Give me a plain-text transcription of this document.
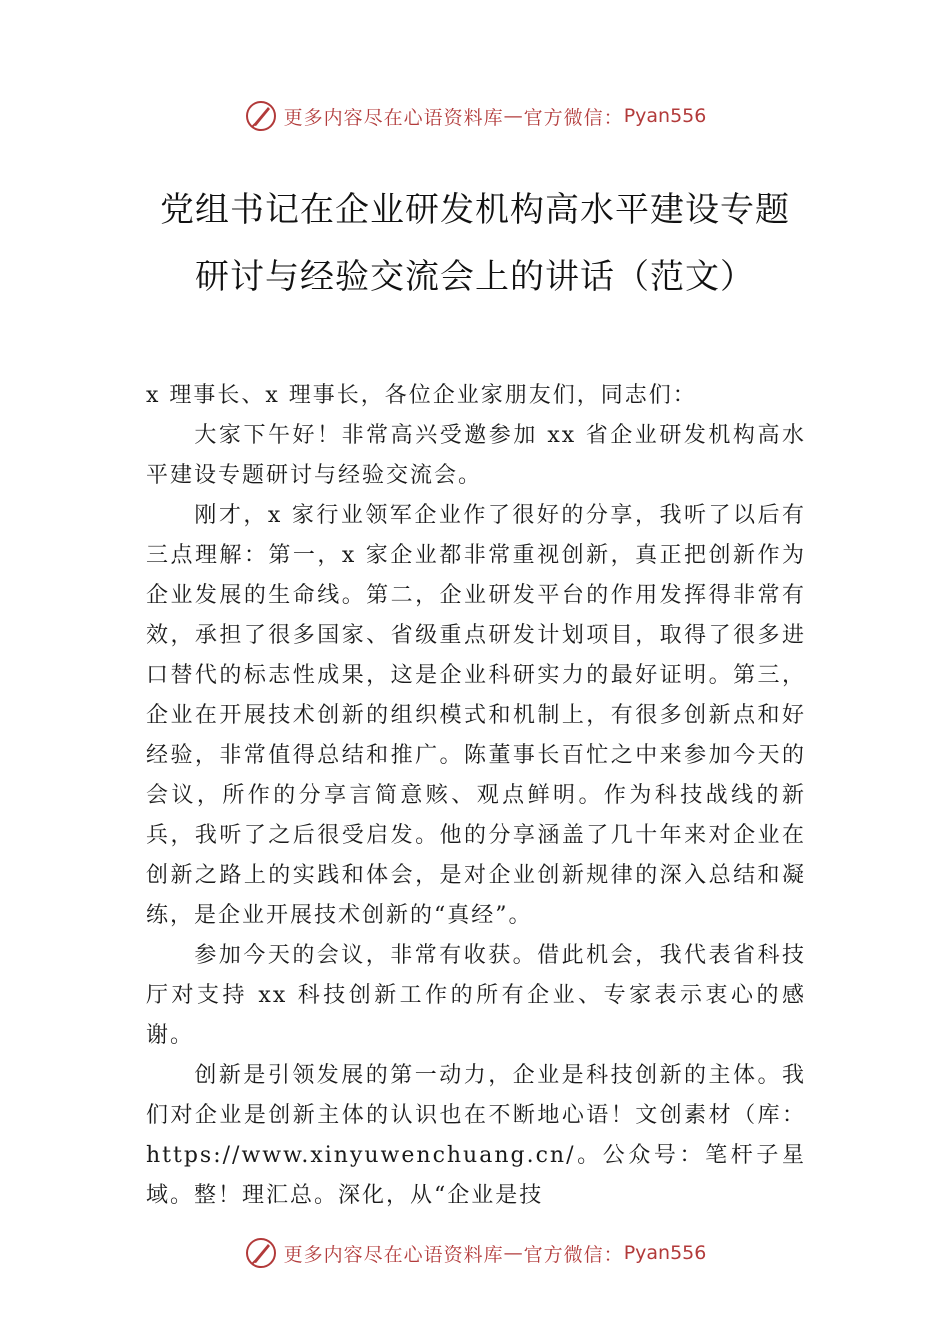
更多内容尽在心语资料库 — 官方微信： Pyan556
党组书记在企业研发机构高水平建设专题
研讨与经验交流会上的讲话（范文）

x 理事长、x 理事长，各位企业家朋友们，同志们：

大家下午好！非常高兴受邀参加 xx 省企业研发机构高水平建设专题研讨与经验交流会。

刚才，x 家行业领军企业作了很好的分享，我听了以后有三点理解：第一，x 家企业都非常重视创新，真正把创新作为企业发展的生命线。第二，企业研发平台的作用发挥得非常有效，承担了很多国家、省级重点研发计划项目，取得了很多进口替代的标志性成果，这是企业科研实力的最好证明。第三，企业在开展技术创新的组织模式和机制上，有很多创新点和好经验，非常值得总结和推广。陈董事长百忙之中来参加今天的会议，所作的分享言简意赅、观点鲜明。作为科技战线的新兵，我听了之后很受启发。他的分享涵盖了几十年来对企业在创新之路上的实践和体会，是对企业创新规律的深入总结和凝练，是企业开展技术创新的“真经”。

参加今天的会议，非常有收获。借此机会，我代表省科技厅对支持 xx 科技创新工作的所有企业、专家表示衷心的感谢。

创新是引领发展的第一动力，企业是科技创新的主体。我们对企业是创新主体的认识也在不断地心语！文创素材（库：https://www.xinyuwenchuang.cn/。公众号：笔杆子星域。整！理汇总。深化，从“企业是技

更多内容尽在心语资料库 — 官方微信： Pyan556
